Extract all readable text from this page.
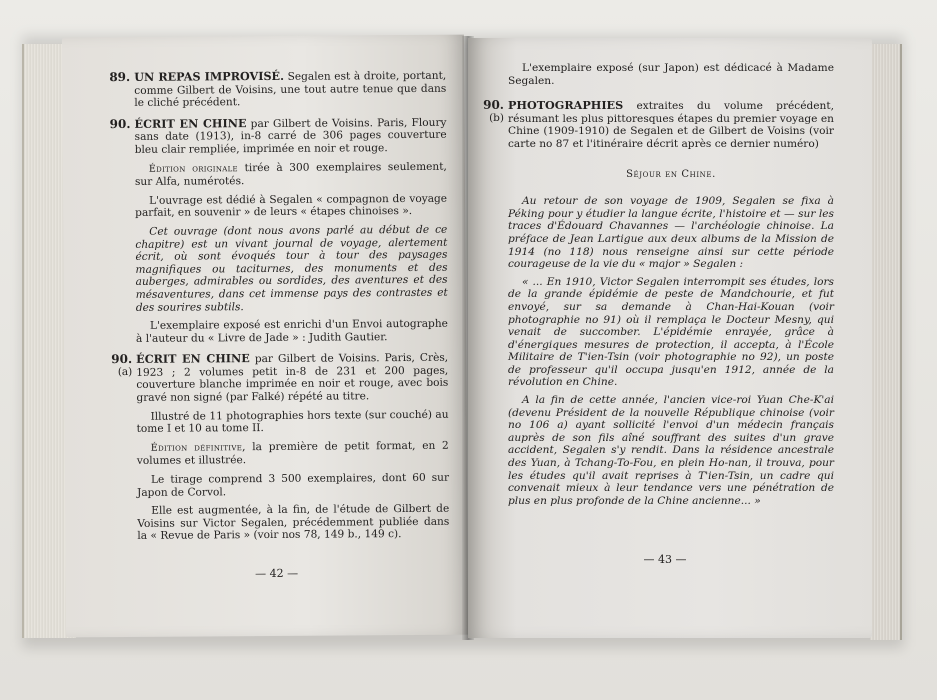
89. UN REPAS IMPROVISÉ. Segalen est à droite, portant, comme Gilbert de Voisins, une tout autre tenue que dans le cliché précédent.

90. ÉCRIT EN CHINE par Gilbert de Voisins. Paris, Floury sans date (1913), in-8 carré de 306 pages couverture bleu clair rempliée, imprimée en noir et rouge.

Édition originale tirée à 300 exemplaires seulement, sur Alfa, numérotés.

L'ouvrage est dédié à Segalen « compagnon de voyage parfait, en souvenir » de leurs « étapes chinoises ».

Cet ouvrage (dont nous avons parlé au début de ce chapitre) est un vivant journal de voyage, alertement écrit, où sont évoqués tour à tour des paysages magnifiques ou taciturnes, des monuments et des auberges, admirables ou sordides, des aventures et des mésaventures, dans cet immense pays des contrastes et des sourires subtils.

L'exemplaire exposé est enrichi d'un Envoi autographe à l'auteur du « Livre de Jade » : Judith Gautier.

90.
(a)

ÉCRIT EN CHINE par Gilbert de Voisins. Paris, Crès, 1923 ; 2 volumes petit in-8 de 231 et 200 pages, couverture blanche imprimée en noir et rouge, avec bois gravé non signé (par Falké) répété au titre.

Illustré de 11 photographies hors texte (sur couché) au tome I et 10 au tome II.

Édition définitive, la première de petit format, en 2 volumes et illustrée.

Le tirage comprend 3 500 exemplaires, dont 60 sur Japon de Corvol.

Elle est augmentée, à la fin, de l'étude de Gilbert de Voisins sur Victor Segalen, précédemment publiée dans la « Revue de Paris » (voir nos 78, 149 b., 149 c).

— 42 —

L'exemplaire exposé (sur Japon) est dédicacé à Madame Segalen.

90.
(b)

PHOTOGRAPHIES extraites du volume précédent, résumant les plus pittoresques étapes du premier voyage en Chine (1909-1910) de Segalen et de Gilbert de Voisins (voir carte no 87 et l'itinéraire décrit après ce dernier numéro)

Séjour en Chine.

Au retour de son voyage de 1909, Segalen se fixa à Péking pour y étudier la langue écrite, l'histoire et — sur les traces d'Édouard Chavannes — l'archéologie chinoise. La préface de Jean Lartigue aux deux albums de la Mission de 1914 (no 118) nous renseigne ainsi sur cette période courageuse de la vie du « major » Segalen :

« ... En 1910, Victor Segalen interrompit ses études, lors de la grande épidémie de peste de Mandchourie, et fut envoyé, sur sa demande à Chan-Hai-Kouan (voir photographie no 91) où il remplaça le Docteur Mesny, qui venait de succomber. L'épidémie enrayée, grâce à d'énergiques mesures de protection, il accepta, à l'École Militaire de T'ien-Tsin (voir photographie no 92), un poste de professeur qu'il occupa jusqu'en 1912, année de la révolution en Chine.

A la fin de cette année, l'ancien vice-roi Yuan Che-K'ai (devenu Président de la nouvelle République chinoise (voir no 106 a) ayant sollicité l'envoi d'un médecin français auprès de son fils aîné souffrant des suites d'un grave accident, Segalen s'y rendit. Dans la résidence ancestrale des Yuan, à Tchang-To-Fou, en plein Ho-nan, il trouva, pour les études qu'il avait reprises à T'ien-Tsin, un cadre qui convenait mieux à leur tendance vers une pénétration de plus en plus profonde de la Chine ancienne... »

— 43 —
